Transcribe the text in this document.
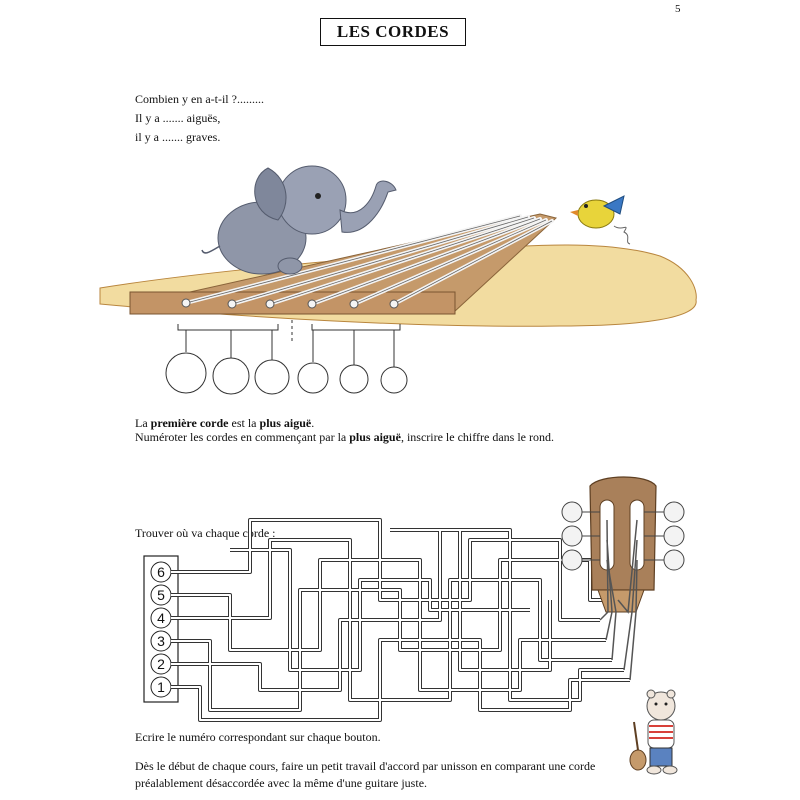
5
LES CORDES
Combien y en a-t-il ?.........
Il y a ....... aiguës,
il y a ....... graves.
La première corde est la plus aiguë.
Numéroter les cordes en commençant par la plus aiguë, inscrire le chiffre dans le rond.
Trouver où va chaque corde :
6
5
4
3
2
1
Ecrire le numéro correspondant sur chaque bouton.
Dès le début de chaque cours, faire un petit travail d'accord par unisson en comparant une corde
préalablement désaccordée avec la même d'une guitare juste.
